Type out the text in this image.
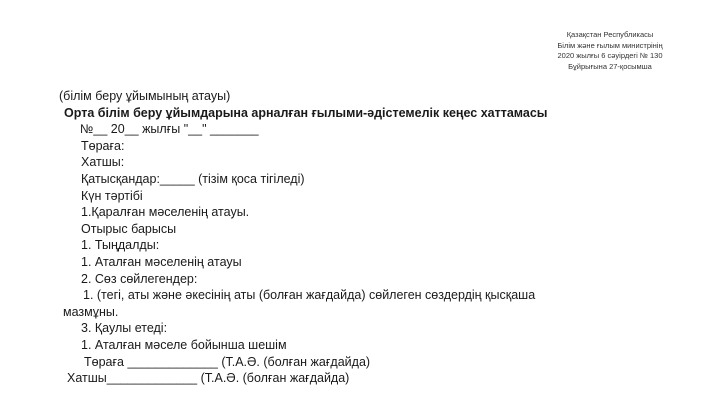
Қазақстан Республикасы
Білім және ғылым министрінің
2020 жылғы 6 сәуірдегі № 130
Бұйрығына 27-қосымша
(білім беру ұйымының атауы)
Орта білім беру ұйымдарына арналған ғылыми-әдістемелік кеңес хаттамасы
№__ 20__ жылғы "__" _______
Төраға:
Хатшы:
Қатысқандар:_____ (тізім қоса тігіледі)
Күн тәртібі
1.Қаралған мәселенің атауы.
Отырыс барысы
1. Тыңдалды:
1. Аталған мәселенің атауы
2. Сөз сөйлегендер:
1. (тегі, аты және әкесінің аты (болған жағдайда) сөйлеген сөздердің қысқаша
мазмұны.
3. Қаулы етеді:
1. Аталған мәселе бойынша шешім
Төраға _____________ (Т.А.Ә. (болған жағдайда)
Хатшы_____________ (Т.А.Ә. (болған жағдайда)
